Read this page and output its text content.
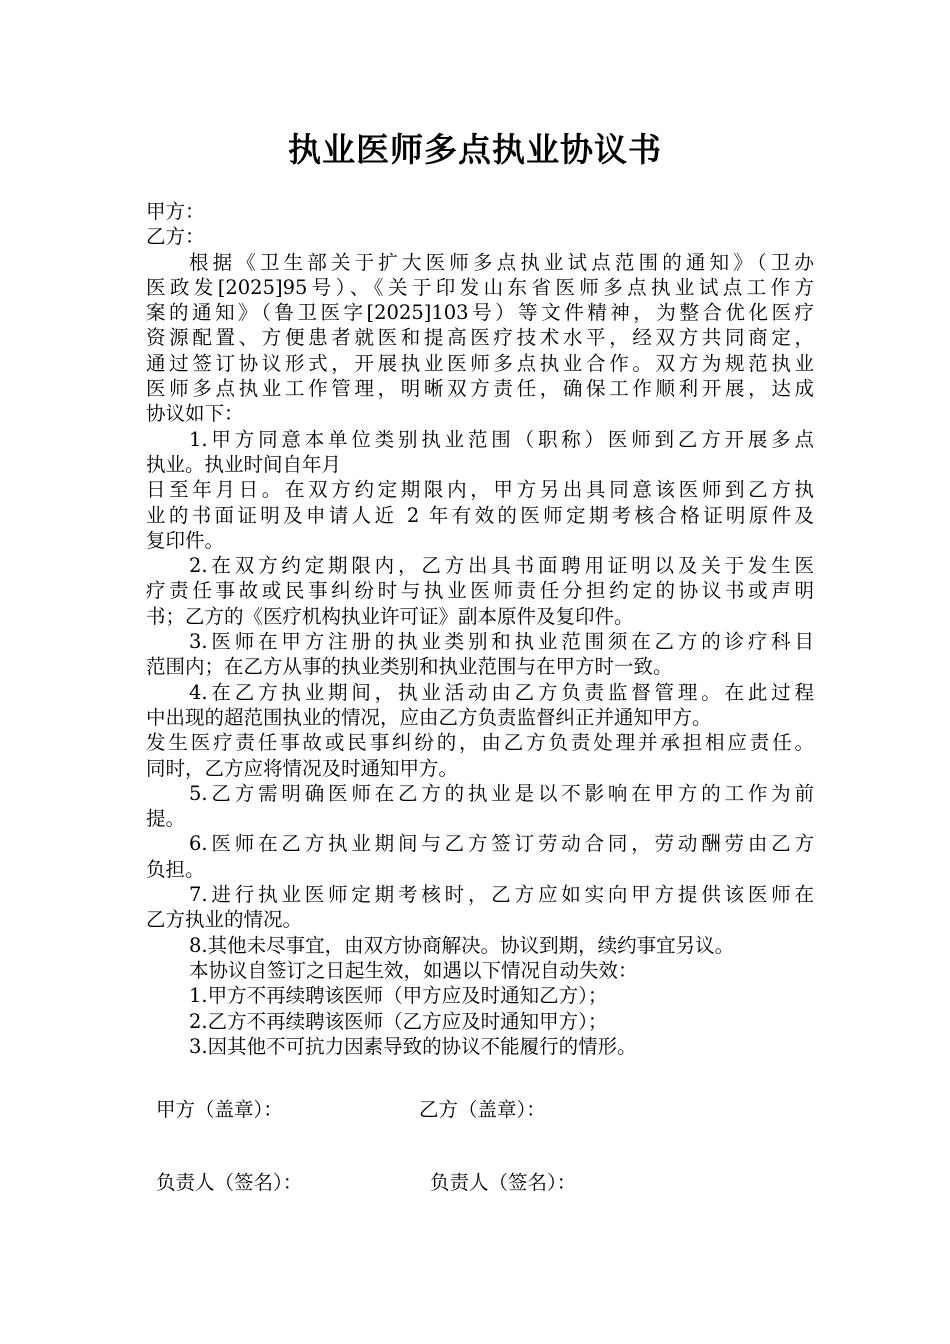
执业医师多点执业协议书
甲方：
乙方：
根据《卫生部关于扩大医师多点执业试点范围的通知》（卫办
医政发[2025]95号）、《关于印发山东省医师多点执业试点工作方
案的通知》（鲁卫医字[2025]103号）等文件精神，为整合优化医疗
资源配置、方便患者就医和提高医疗技术水平，经双方共同商定，
通过签订协议形式，开展执业医师多点执业合作。双方为规范执业
医师多点执业工作管理，明晰双方责任，确保工作顺利开展，达成
协议如下：
1.甲方同意本单位类别执业范围（职称）医师到乙方开展多点
执业。执业时间自年月
日至年月日。在双方约定期限内，甲方另出具同意该医师到乙方执
业的书面证明及申请人近 2 年有效的医师定期考核合格证明原件及
复印件。
2.在双方约定期限内，乙方出具书面聘用证明以及关于发生医
疗责任事故或民事纠纷时与执业医师责任分担约定的协议书或声明
书；乙方的《医疗机构执业许可证》副本原件及复印件。
3.医师在甲方注册的执业类别和执业范围须在乙方的诊疗科目
范围内；在乙方从事的执业类别和执业范围与在甲方时一致。
4.在乙方执业期间，执业活动由乙方负责监督管理。在此过程
中出现的超范围执业的情况，应由乙方负责监督纠正并通知甲方。
发生医疗责任事故或民事纠纷的，由乙方负责处理并承担相应责任。
同时，乙方应将情况及时通知甲方。
5.乙方需明确医师在乙方的执业是以不影响在甲方的工作为前
提。
6.医师在乙方执业期间与乙方签订劳动合同，劳动酬劳由乙方
负担。
7.进行执业医师定期考核时，乙方应如实向甲方提供该医师在
乙方执业的情况。
8.其他未尽事宜，由双方协商解决。协议到期，续约事宜另议。
本协议自签订之日起生效，如遇以下情况自动失效：
1.甲方不再续聘该医师（甲方应及时通知乙方）；
2.乙方不再续聘该医师（乙方应及时通知甲方）；
3.因其他不可抗力因素导致的协议不能履行的情形。
甲方（盖章）：	乙方（盖章）：
负责人（签名）：	负责人（签名）：
